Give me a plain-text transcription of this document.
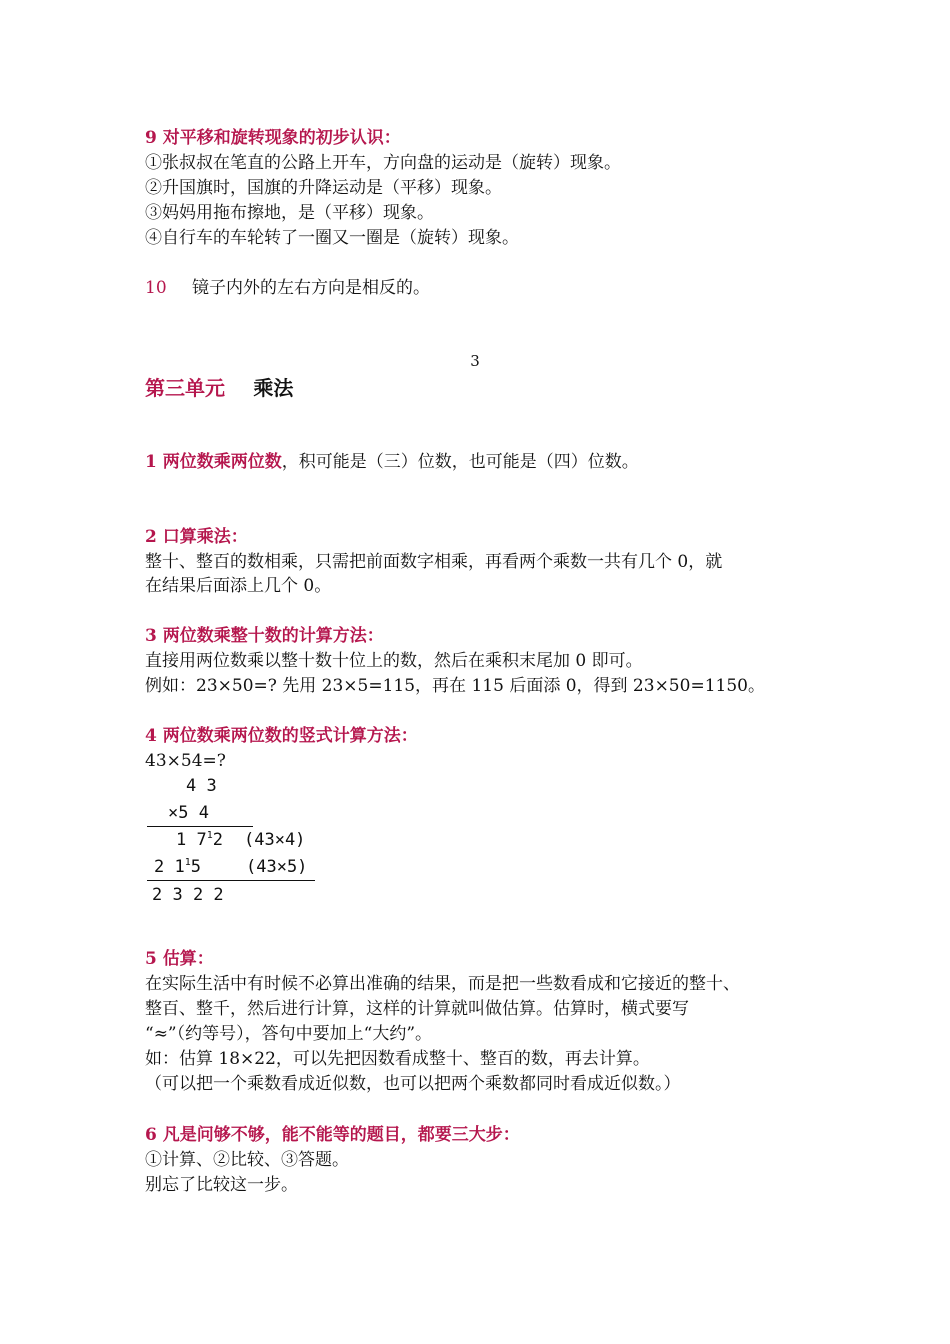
9 对平移和旋转现象的初步认识：
①张叔叔在笔直的公路上开车，方向盘的运动是（旋转）现象。
②升国旗时，国旗的升降运动是（平移）现象。
③妈妈用拖布擦地，是（平移）现象。
④自行车的车轮转了一圈又一圈是（旋转）现象。
10 镜子内外的左右方向是相反的。
3
第三单元 乘法
1 两位数乘两位数，积可能是（三）位数，也可能是（四）位数。
2 口算乘法：
整十、整百的数相乘，只需把前面数字相乘，再看两个乘数一共有几个 0，就
在结果后面添上几个 0。
3 两位数乘整十数的计算方法：
直接用两位数乘以整十数十位上的数，然后在乘积末尾加 0 即可。
例如：23×50=? 先用 23×5=115，再在 115 后面添 0，得到 23×50=1150。
4 两位数乘两位数的竖式计算方法：
43×54=?
4 3
×5 4
1 $7^12$ (43×4)
2 $1^15$	(43×5)
2 3 2 2
5 估算：
在实际生活中有时候不必算出准确的结果，而是把一些数看成和它接近的整十、
整百、整千，然后进行计算，这样的计算就叫做估算。估算时，横式要写
“≈”（约等号），答句中要加上“大约”。
如：估算 18×22，可以先把因数看成整十、整百的数，再去计算。
（可以把一个乘数看成近似数，也可以把两个乘数都同时看成近似数。）
6 凡是问够不够，能不能等的题目，都要三大步：
①计算、②比较、③答题。
别忘了比较这一步。
